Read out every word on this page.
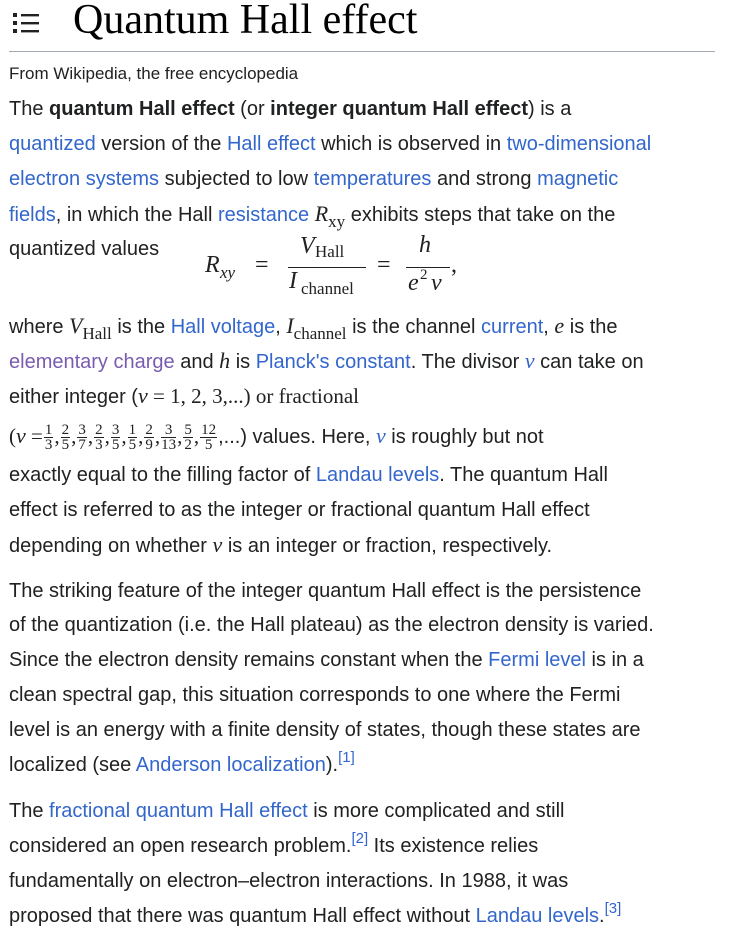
Quantum Hall effect
From Wikipedia, the free encyclopedia
The quantum Hall effect (or integer quantum Hall effect) is a
quantized version of the Hall effect which is observed in two-dimensional
electron systems subjected to low temperatures and strong magnetic
fields, in which the Hall resistance $R_{xy}$ exhibits steps that take on the
quantized values
R xy =
V Hall
I channel
=
h
e 2 ν
,
where $V_{Hall}$ is the Hall voltage, $I_{channel}$ is the channel current, e is the
elementary charge and h is Planck's constant. The divisor ν can take on
either integer (ν = 1, 2, 3,...) or fractional
($\nu = \frac{1}{3}$ , $\frac{2}{5}$ , $\frac{3}{7}$ , $\frac{2}{3}$ , $\frac{3}{5}$ , $\frac{1}{5}$ , $\frac{2}{9}$ , $\frac{3}{13}$ , $\frac{5}{2}$ , $\frac{12}{5}$ ,...) values. Here, ν is roughly but not
exactly equal to the filling factor of Landau levels. The quantum Hall
effect is referred to as the integer or fractional quantum Hall effect
depending on whether ν is an integer or fraction, respectively.
The striking feature of the integer quantum Hall effect is the persistence
of the quantization (i.e. the Hall plateau) as the electron density is varied.
Since the electron density remains constant when the Fermi level is in a
clean spectral gap, this situation corresponds to one where the Fermi
level is an energy with a finite density of states, though these states are
localized (see Anderson localization).[1]
The fractional quantum Hall effect is more complicated and still
considered an open research problem.[2] Its existence relies
fundamentally on electron–electron interactions. In 1988, it was
proposed that there was quantum Hall effect without Landau levels.[3]
